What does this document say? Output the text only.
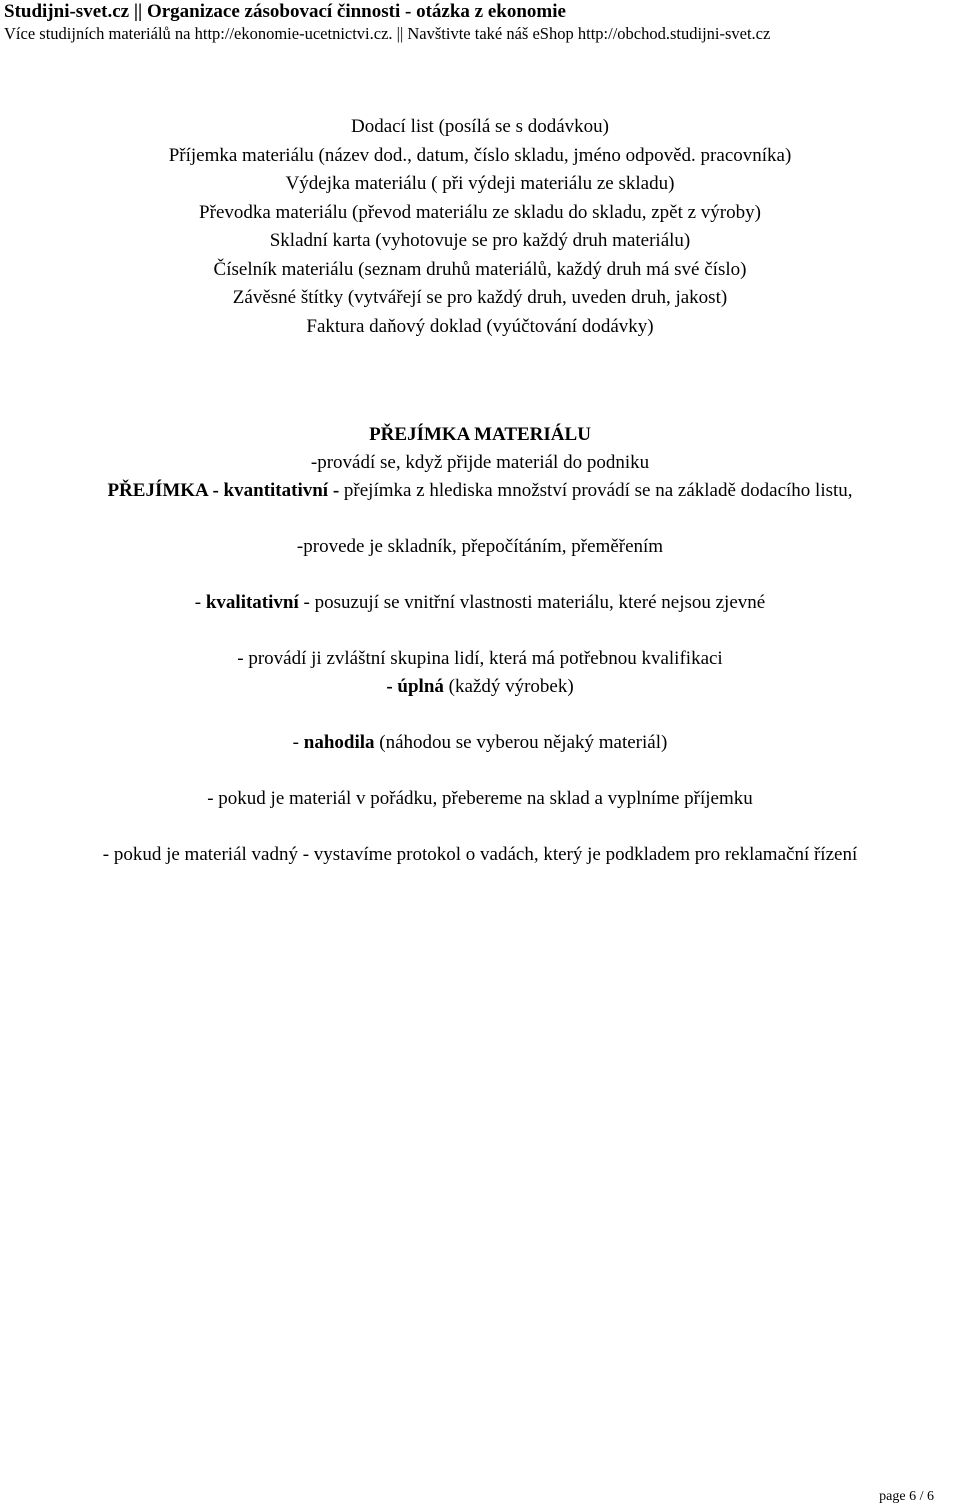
Studijni-svet.cz || Organizace zásobovací činnosti - otázka z ekonomie
Více studijních materiálů na http://ekonomie-ucetnictvi.cz. || Navštivte také náš eShop http://obchod.studijni-svet.cz
Dodací list (posílá se s dodávkou)
Příjemka materiálu (název dod., datum, číslo skladu, jméno odpověd. pracovníka)
Výdejka materiálu ( při výdeji materiálu ze skladu)
Převodka materiálu (převod materiálu ze skladu do skladu, zpět z výroby)
Skladní karta (vyhotovuje se pro každý druh materiálu)
Číselník materiálu (seznam druhů materiálů, každý druh má své číslo)
Závěsné štítky (vytvářejí se pro každý druh, uveden druh, jakost)
Faktura daňový doklad (vyúčtování dodávky)
PŘEJÍMKA MATERIÁLU
-provádí se, když přijde materiál do podniku
PŘEJÍMKA - kvantitativní - přejímka z hlediska množství provádí se na základě dodacího listu,
-provede je skladník, přepočítáním, přeměřením
- kvalitativní - posuzují se vnitřní vlastnosti materiálu, které nejsou zjevné
- provádí ji zvláštní skupina lidí, která má potřebnou kvalifikaci
- úplná (každý výrobek)
- nahodila (náhodou se vyberou nějaký materiál)
- pokud je materiál v pořádku, přebereme na sklad a vyplníme příjemku
- pokud je materiál vadný - vystavíme protokol o vadách, který je podkladem pro reklamační řízení
page 6 / 6
